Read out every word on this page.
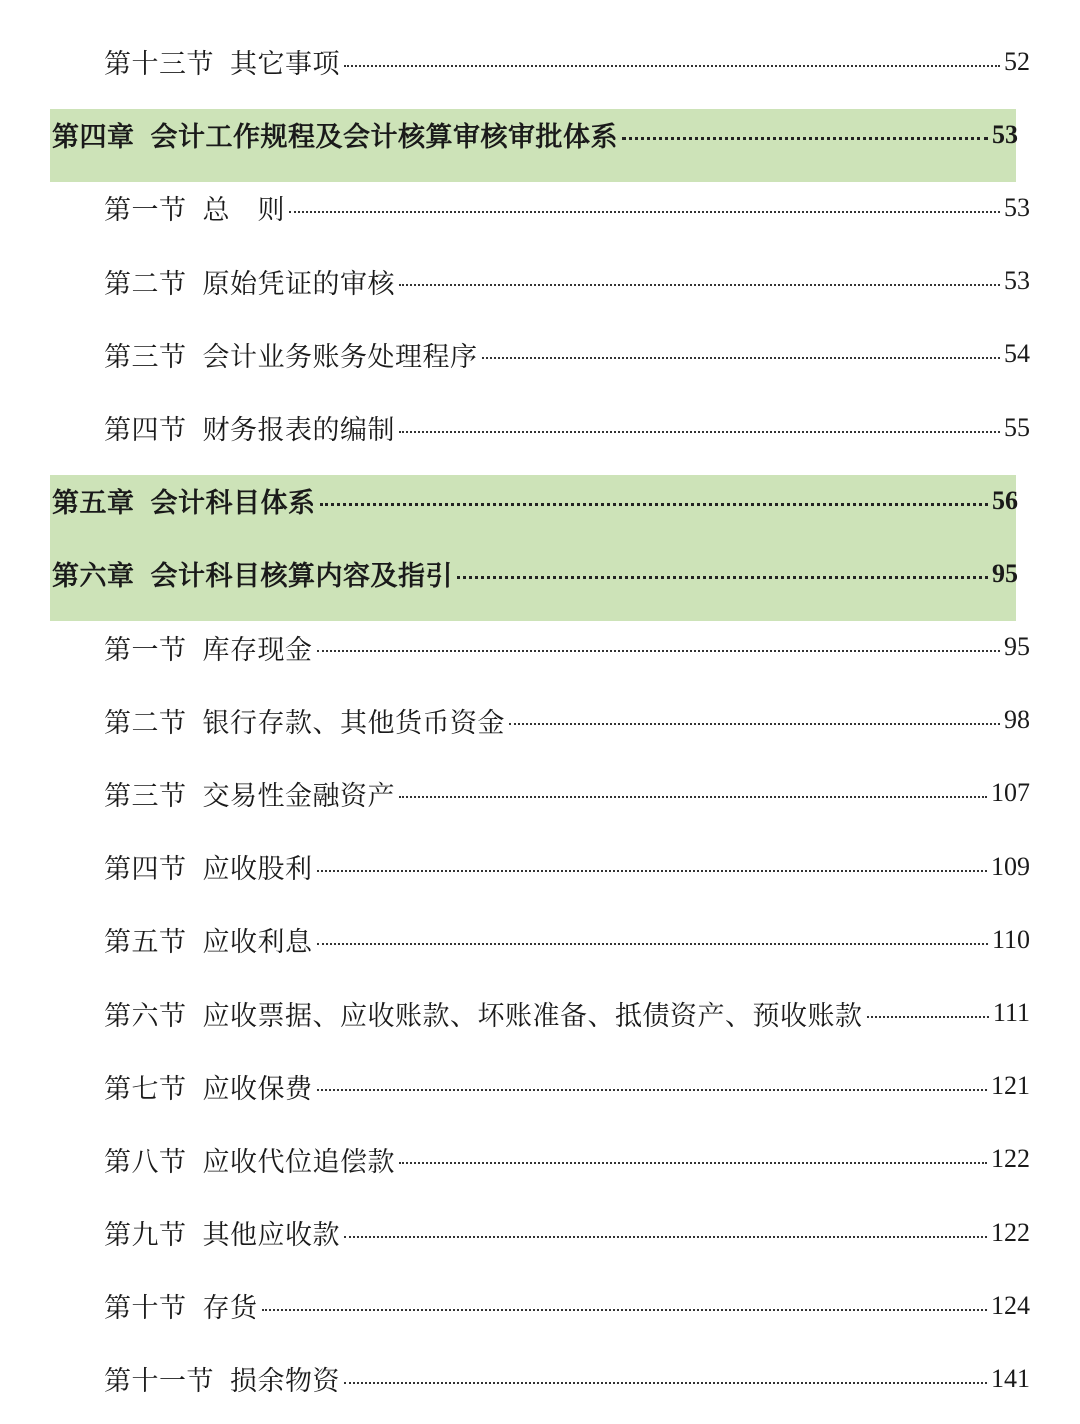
第十三节 其它事项	52
第四章 会计工作规程及会计核算审核审批体系	53
第一节 总　则	53
第二节 原始凭证的审核	53
第三节 会计业务账务处理程序	54
第四节 财务报表的编制	55
第五章 会计科目体系	56
第六章 会计科目核算内容及指引	95
第一节 库存现金	95
第二节 银行存款、其他货币资金	98
第三节 交易性金融资产	107
第四节 应收股利	109
第五节 应收利息	110
第六节 应收票据、应收账款、坏账准备、抵债资产、预收账款	111
第七节 应收保费	121
第八节 应收代位追偿款	122
第九节 其他应收款	122
第十节 存货	124
第十一节 损余物资	141
